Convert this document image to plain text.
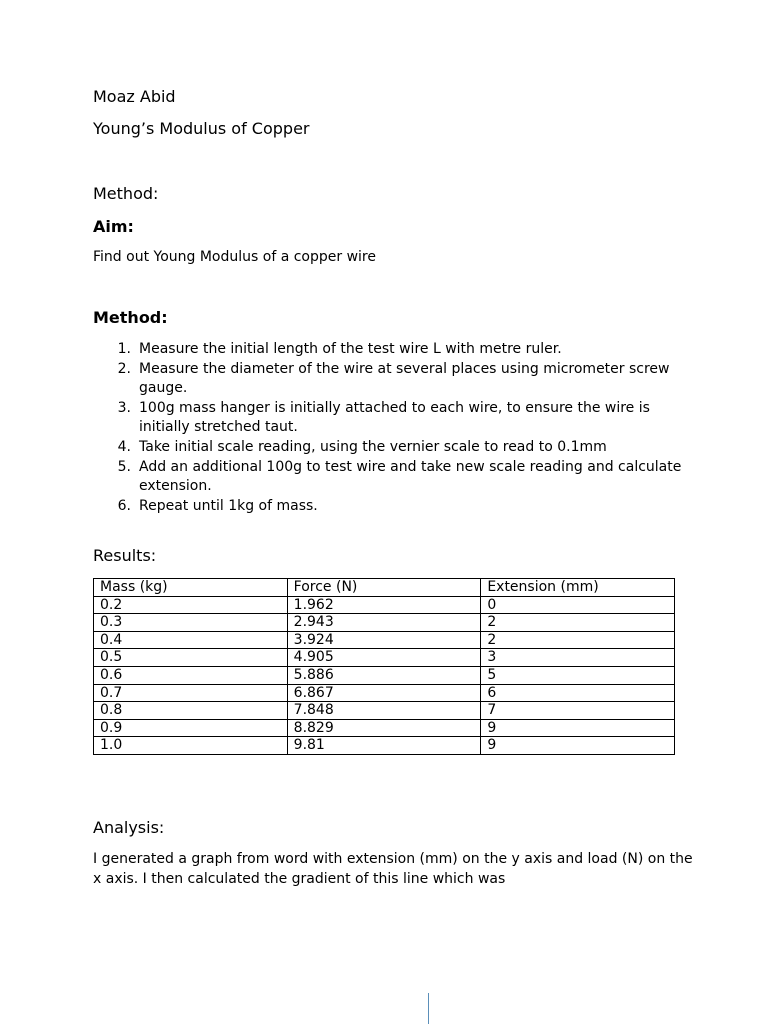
Moaz Abid
Young’s Modulus of Copper
Method:
Aim:
Find out Young Modulus of a copper wire
Method:
1. Measure the initial length of the test wire L with metre ruler.
2. Measure the diameter of the wire at several places using micrometer screw gauge.
3. 100g mass hanger is initially attached to each wire, to ensure the wire is initially stretched taut.
4. Take initial scale reading, using the vernier scale to read to 0.1mm
5. Add an additional 100g to test wire and take new scale reading and calculate extension.
6. Repeat until 1kg of mass.
Results:
Mass (kg)	Force (N)	Extension (mm)
0.2	1.962	0
0.3	2.943	2
0.4	3.924	2
0.5	4.905	3
0.6	5.886	5
0.7	6.867	6
0.8	7.848	7
0.9	8.829	9
1.0	9.81	9
Analysis:
I generated a graph from word with extension (mm) on the y axis and load (N) on the x axis. I then calculated the gradient of this line which was
